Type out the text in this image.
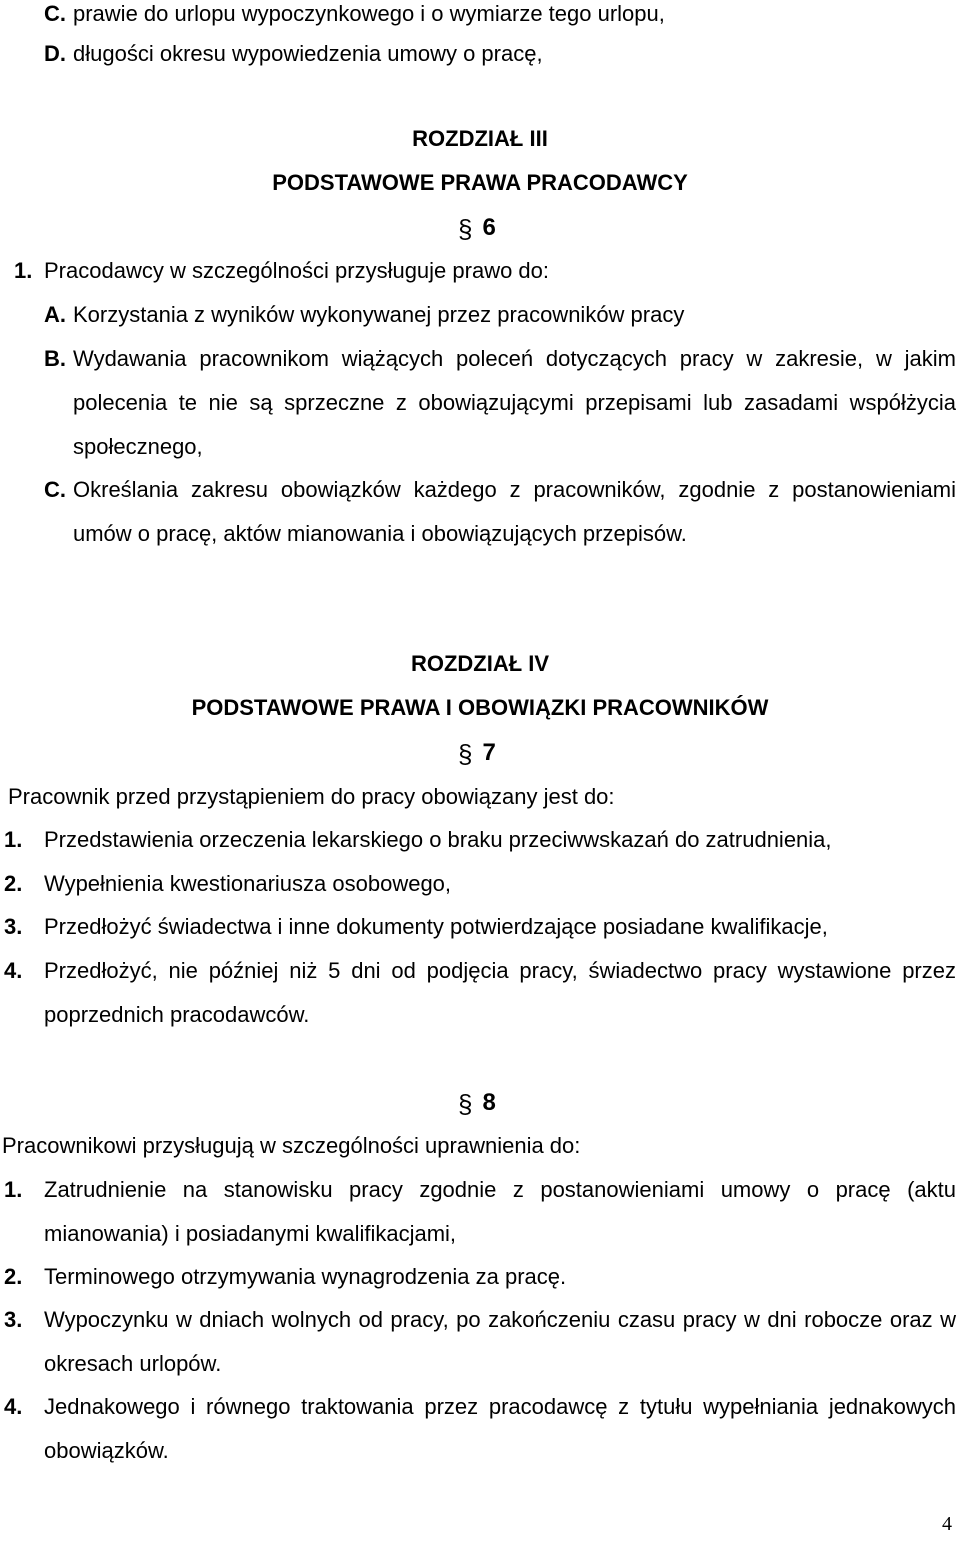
C. prawie do urlopu wypoczynkowego i o wymiarze tego urlopu,
D. długości okresu wypowiedzenia umowy o pracę,
ROZDZIAŁ III
PODSTAWOWE PRAWA PRACODAWCY
§ 6
1. Pracodawcy w szczególności przysługuje prawo do:
A. Korzystania z wyników wykonywanej przez pracowników pracy
B. Wydawania pracownikom wiążących poleceń dotyczących pracy w zakresie, w jakim polecenia te nie są sprzeczne z obowiązującymi przepisami lub zasadami współżycia społecznego,
C. Określania zakresu obowiązków każdego z pracowników, zgodnie z postanowieniami umów o pracę, aktów mianowania i obowiązujących przepisów.
ROZDZIAŁ IV
PODSTAWOWE PRAWA I OBOWIĄZKI PRACOWNIKÓW
§ 7
Pracownik przed przystąpieniem do pracy obowiązany jest do:
1. Przedstawienia orzeczenia lekarskiego o braku przeciwwskazań do zatrudnienia,
2. Wypełnienia kwestionariusza osobowego,
3. Przedłożyć świadectwa i inne dokumenty potwierdzające posiadane kwalifikacje,
4. Przedłożyć, nie później niż 5 dni od podjęcia pracy, świadectwo pracy wystawione przez poprzednich pracodawców.
§ 8
Pracownikowi przysługują w szczególności uprawnienia do:
1. Zatrudnienie na stanowisku pracy zgodnie z postanowieniami umowy o pracę (aktu mianowania) i posiadanymi kwalifikacjami,
2. Terminowego otrzymywania wynagrodzenia za pracę.
3. Wypoczynku w dniach wolnych od pracy, po zakończeniu czasu pracy w dni robocze oraz w okresach urlopów.
4. Jednakowego i równego traktowania przez pracodawcę z tytułu wypełniania jednakowych obowiązków.
4
